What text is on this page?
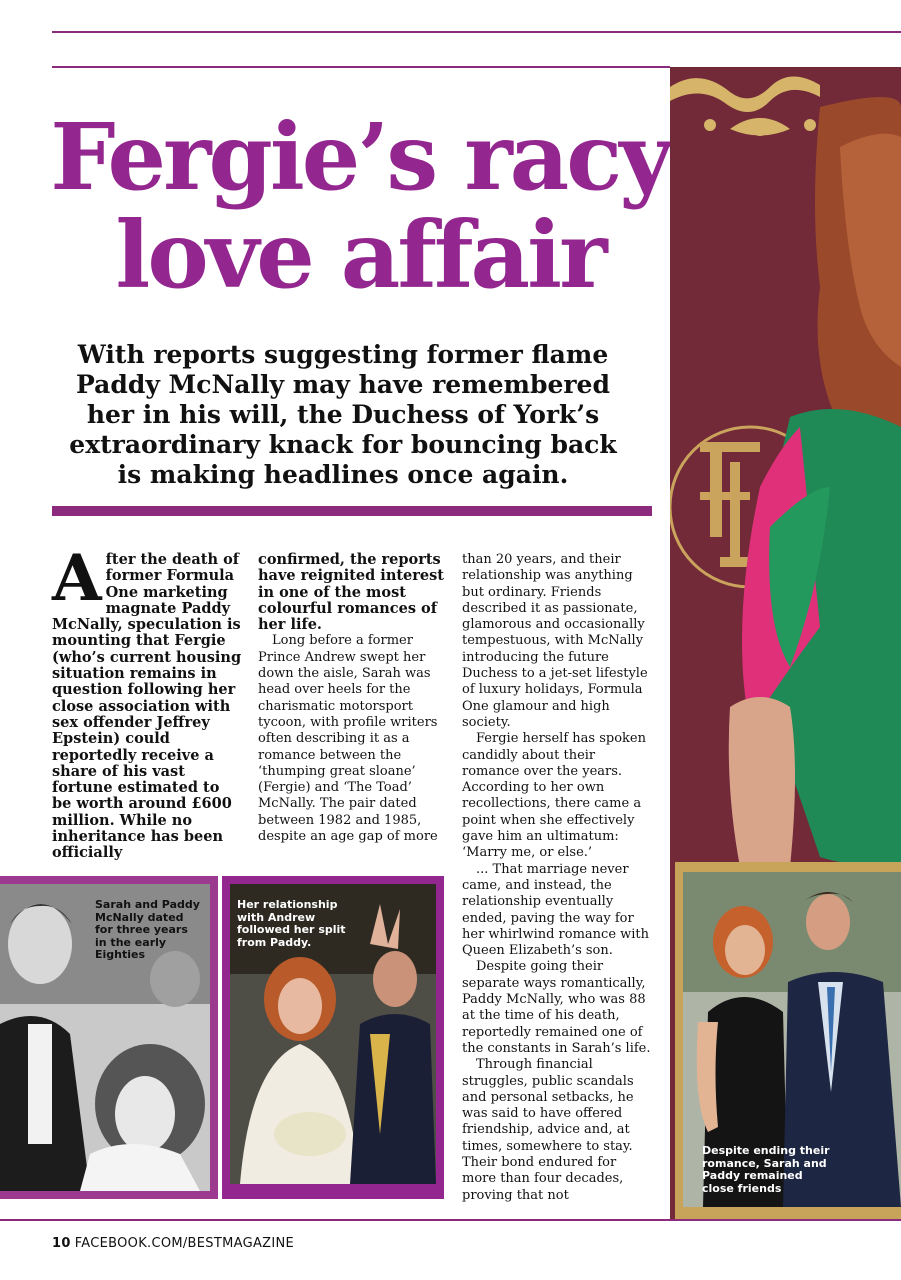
Fergie’s racy
love affair

With reports suggesting former flame Paddy McNally may have remembered her in his will, the Duchess of York’s extraordinary knack for bouncing back is making headlines once again.

A fter the death of former Formula One marketing magnate Paddy McNally, speculation is mounting that Fergie (who’s current housing situation remains in question following her close association with sex offender Jeffrey Epstein) could reportedly receive a share of his vast fortune estimated to be worth around £600 million. While no inheritance has been officially

confirmed, the reports have reignited interest in one of the most colourful romances of her life.

Long before a former Prince Andrew swept her down the aisle, Sarah was head over heels for the charismatic motorsport tycoon, with profile writers often describing it as a romance between the ‘thumping great sloane’ (Fergie) and ‘The Toad’ McNally. The pair dated between 1982 and 1985, despite an age gap of more

than 20 years, and their relationship was anything but ordinary. Friends described it as passionate, glamorous and occasionally tempestuous, with McNally introducing the future Duchess to a jet-set lifestyle of luxury holidays, Formula One glamour and high society.

Fergie herself has spoken candidly about their romance over the years. According to her own recollections, there came a point when she effectively gave him an ultimatum: ‘Marry me, or else.’

... That marriage never came, and instead, the relationship eventually ended, paving the way for her whirlwind romance with Queen Elizabeth’s son.

Despite going their separate ways romantically, Paddy McNally, who was 88 at the time of his death, reportedly remained one of the constants in Sarah’s life.

Through financial struggles, public scandals and personal setbacks, he was said to have offered friendship, advice and, at times, somewhere to stay. Their bond endured for more than four decades, proving that not

Sarah and Paddy McNally dated for three years in the early Eighties
Her relationship with Andrew followed her split from Paddy.
Despite ending their romance, Sarah and Paddy remained close friends
10 FACEBOOK.COM/BESTMAGAZINE
